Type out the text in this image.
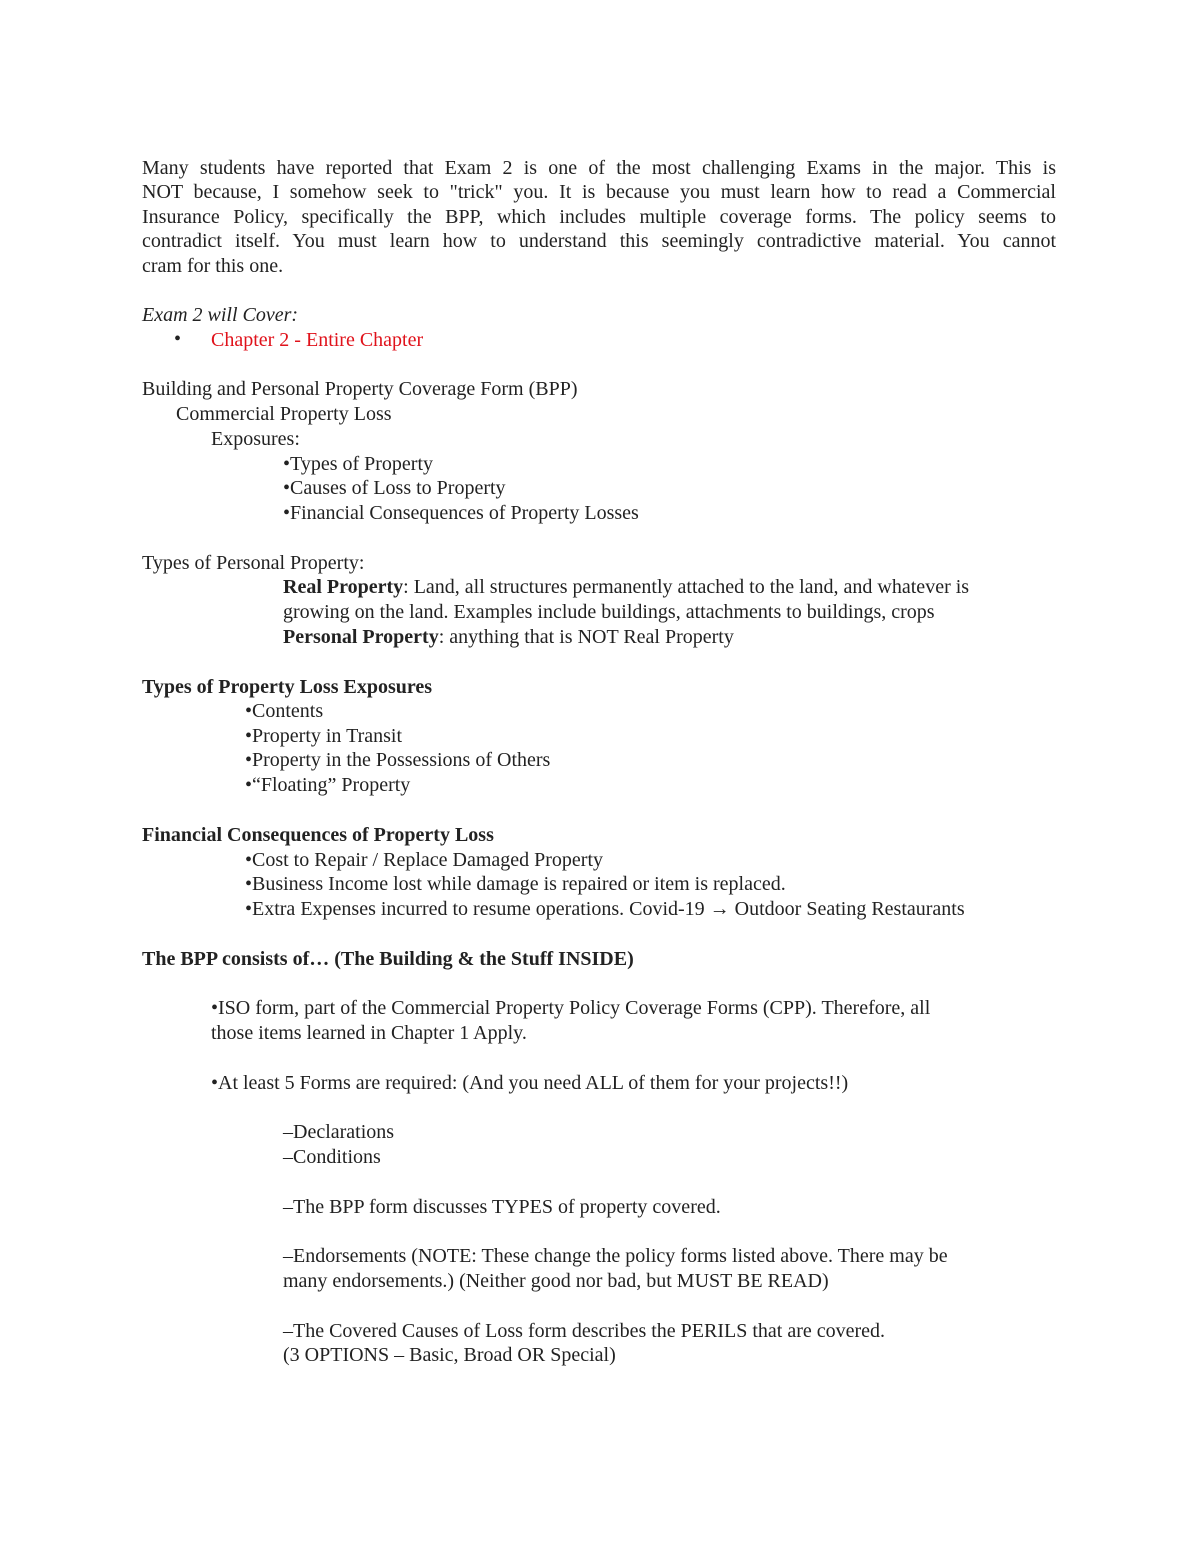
Many students have reported that Exam 2 is one of the most challenging Exams in the major. This is
NOT because, I somehow seek to "trick" you. It is because you must learn how to read a Commercial
Insurance Policy, specifically the BPP, which includes multiple coverage forms. The policy seems to
contradict itself. You must learn how to understand this seemingly contradictive material. You cannot
cram for this one.
Exam 2 will Cover:
• Chapter 2 - Entire Chapter
Building and Personal Property Coverage Form (BPP)
Commercial Property Loss
Exposures:
•Types of Property
•Causes of Loss to Property
•Financial Consequences of Property Losses
Types of Personal Property:
Real Property: Land, all structures permanently attached to the land, and whatever is
growing on the land. Examples include buildings, attachments to buildings, crops
Personal Property: anything that is NOT Real Property
Types of Property Loss Exposures
•Contents
•Property in Transit
•Property in the Possessions of Others
•“Floating” Property
Financial Consequences of Property Loss
•Cost to Repair / Replace Damaged Property
•Business Income lost while damage is repaired or item is replaced.
•Extra Expenses incurred to resume operations. Covid-19 → Outdoor Seating Restaurants
The BPP consists of… (The Building & the Stuff INSIDE)
•ISO form, part of the Commercial Property Policy Coverage Forms (CPP). Therefore, all
those items learned in Chapter 1 Apply.
•At least 5 Forms are required: (And you need ALL of them for your projects!!)
–Declarations
–Conditions
–The BPP form discusses TYPES of property covered.
–Endorsements (NOTE: These change the policy forms listed above. There may be
many endorsements.) (Neither good nor bad, but MUST BE READ)
–The Covered Causes of Loss form describes the PERILS that are covered.
(3 OPTIONS – Basic, Broad OR Special)
